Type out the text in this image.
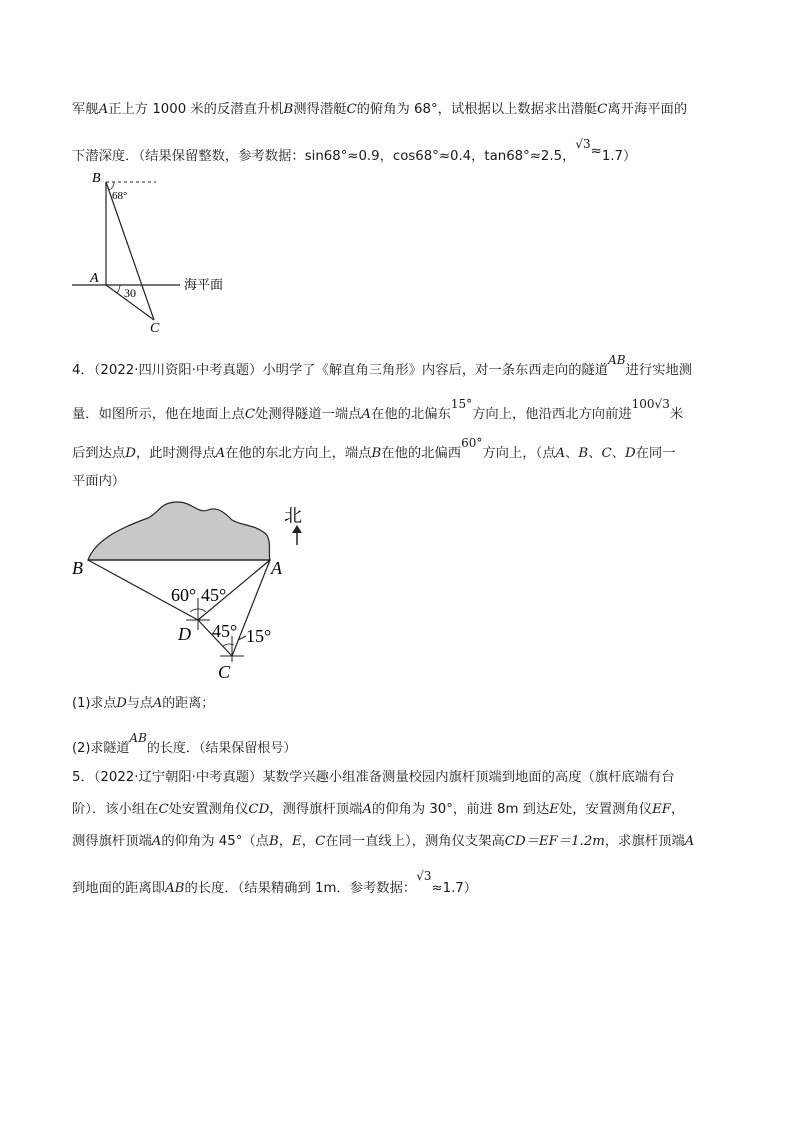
军舰A正上方 1000 米的反潜直升机B测得潜艇C的俯角为 68°，试根据以上数据求出潜艇C离开海平面的
下潜深度．（结果保留整数，参考数据：sin68°≈0.9，cos68°≈0.4，tan68°≈2.5，√3≈1.7）
B
A
C
68°
30
海平面
4．（2022·四川资阳·中考真题）小明学了《解直角三角形》内容后，对一条东西走向的隧道AB进行实地测
量．如图所示，他在地面上点C处测得隧道一端点A在他的北偏东15°方向上，他沿西北方向前进100√3米
后到达点D，此时测得点A在他的东北方向上，端点B在他的北偏西60°方向上，（点A、B、C、D在同一
平面内）
北
B	A
D
C
60° 45°
45° 15°
(1)求点D与点A的距离；
(2)求隧道AB的长度．（结果保留根号）
5．（2022·辽宁朝阳·中考真题）某数学兴趣小组准备测量校园内旗杆顶端到地面的高度（旗杆底端有台
阶）．该小组在C处安置测角仪CD，测得旗杆顶端A的仰角为 30°，前进 8m 到达E处，安置测角仪EF，
测得旗杆顶端A的仰角为 45°（点B，E，C在同一直线上），测角仪支架高CD＝EF＝1.2m，求旗杆顶端A
到地面的距离即AB的长度．（结果精确到 1m．参考数据：√3≈1.7）
